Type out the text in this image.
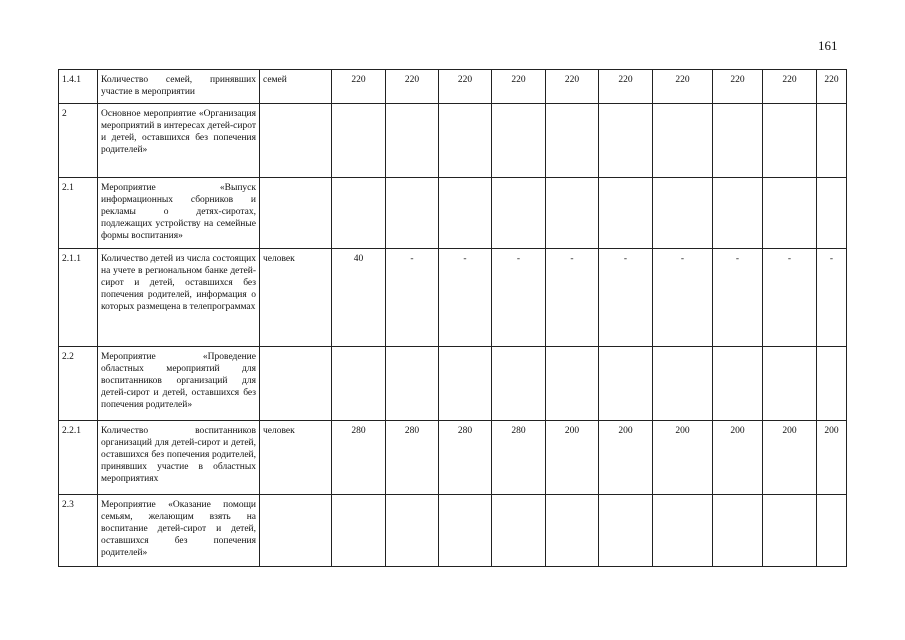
161
1.4.1	Количество семей, принявших участие в мероприятии	семей	220	220	220	220	220	220	220	220	220	220
2	Основное мероприятие «Организация мероприятий в интересах детей-сирот и детей, оставшихся без попечения родителей»											
2.1	Мероприятие «Выпуск информационных сборников и рекламы о детях-сиротах, подлежащих устройству на семейные формы воспитания»											
2.1.1	Количество детей из числа состоящих на учете в региональном банке детей-сирот и детей, оставшихся без попечения родителей, информация о которых размещена в телепрограммах	человек	40	-	-	-	-	-	-	-	-	-
2.2	Мероприятие «Проведение областных мероприятий для воспитанников организаций для детей-сирот и детей, оставшихся без попечения родителей»											
2.2.1	Количество воспитанников организаций для детей-сирот и детей, оставшихся без попечения родителей, принявших участие в областных мероприятиях	человек	280	280	280	280	200	200	200	200	200	200
2.3	Мероприятие «Оказание помощи семьям, желающим взять на воспитание детей-сирот и детей, оставшихся без попечения родителей»											
